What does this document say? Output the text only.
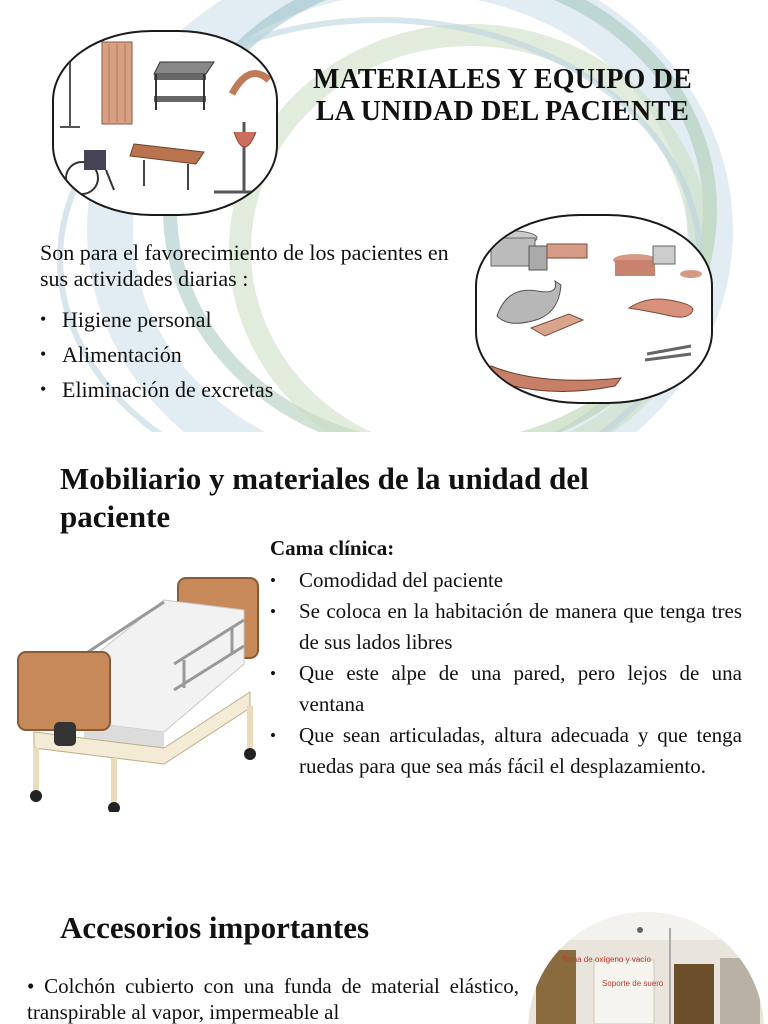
MATERIALES Y EQUIPO DE LA UNIDAD DEL PACIENTE
Son para el favorecimiento de los pacientes en sus actividades diarias :
• Higiene personal
• Alimentación
• Eliminación de excretas
Mobiliario y materiales de la unidad del paciente
Cama clínica:
• Comodidad del paciente
• Se coloca en la habitación de manera que tenga tres de sus lados libres
• Que este alpe de una pared, pero lejos de una ventana
• Que sean articuladas, altura adecuada y que tenga ruedas para que sea más fácil el desplazamiento.
Accesorios importantes
• Colchón cubierto con una funda de material elástico, transpirable al vapor, impermeable al
Toma de oxígeno y vacío
Soporte de suero
